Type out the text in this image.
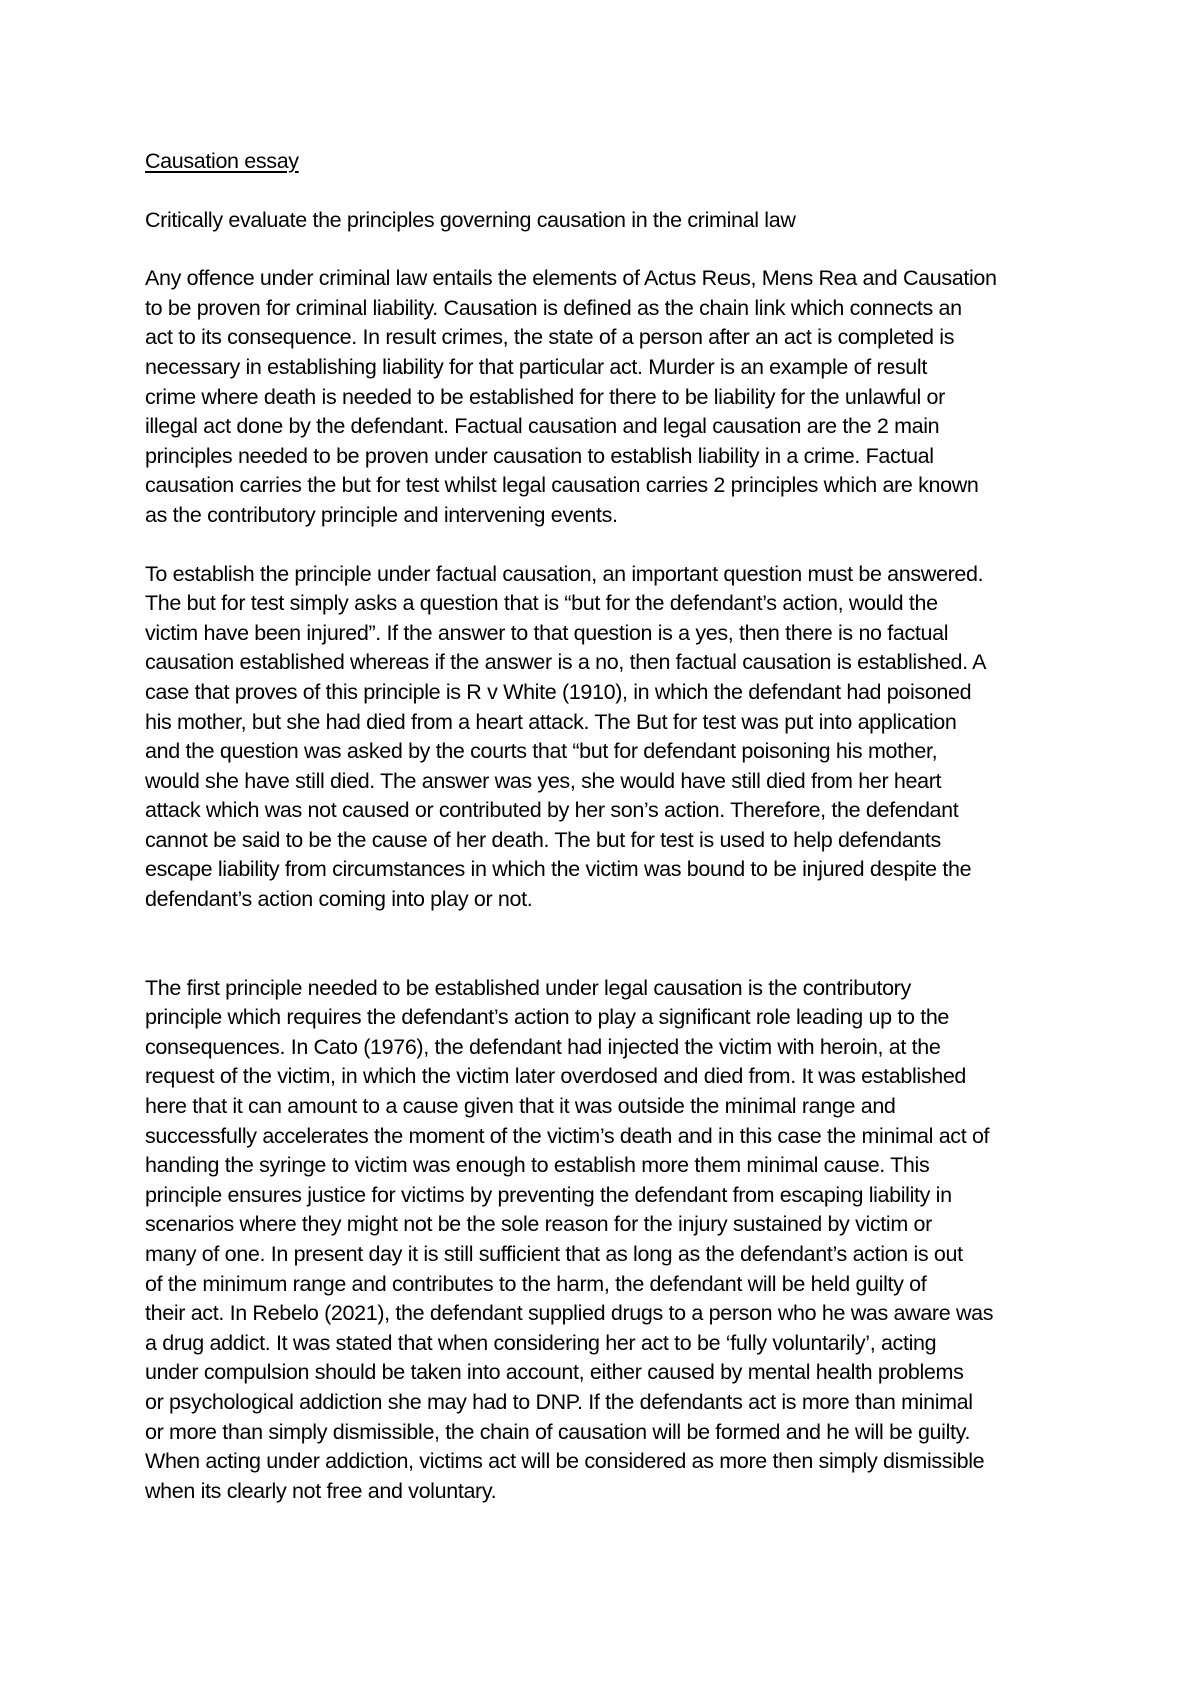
Causation essay
Critically evaluate the principles governing causation in the criminal law
Any offence under criminal law entails the elements of Actus Reus, Mens Rea and Causation
to be proven for criminal liability. Causation is defined as the chain link which connects an
act to its consequence. In result crimes, the state of a person after an act is completed is
necessary in establishing liability for that particular act. Murder is an example of result
crime where death is needed to be established for there to be liability for the unlawful or
illegal act done by the defendant. Factual causation and legal causation are the 2 main
principles needed to be proven under causation to establish liability in a crime. Factual
causation carries the but for test whilst legal causation carries 2 principles which are known
as the contributory principle and intervening events.
To establish the principle under factual causation, an important question must be answered.
The but for test simply asks a question that is “but for the defendant’s action, would the
victim have been injured”. If the answer to that question is a yes, then there is no factual
causation established whereas if the answer is a no, then factual causation is established. A
case that proves of this principle is R v White (1910), in which the defendant had poisoned
his mother, but she had died from a heart attack. The But for test was put into application
and the question was asked by the courts that “but for defendant poisoning his mother,
would she have still died. The answer was yes, she would have still died from her heart
attack which was not caused or contributed by her son’s action. Therefore, the defendant
cannot be said to be the cause of her death. The but for test is used to help defendants
escape liability from circumstances in which the victim was bound to be injured despite the
defendant’s action coming into play or not.
The first principle needed to be established under legal causation is the contributory
principle which requires the defendant’s action to play a significant role leading up to the
consequences. In Cato (1976), the defendant had injected the victim with heroin, at the
request of the victim, in which the victim later overdosed and died from. It was established
here that it can amount to a cause given that it was outside the minimal range and
successfully accelerates the moment of the victim’s death and in this case the minimal act of
handing the syringe to victim was enough to establish more them minimal cause. This
principle ensures justice for victims by preventing the defendant from escaping liability in
scenarios where they might not be the sole reason for the injury sustained by victim or
many of one. In present day it is still sufficient that as long as the defendant’s action is out
of the minimum range and contributes to the harm, the defendant will be held guilty of
their act. In Rebelo (2021), the defendant supplied drugs to a person who he was aware was
a drug addict. It was stated that when considering her act to be ‘fully voluntarily’, acting
under compulsion should be taken into account, either caused by mental health problems
or psychological addiction she may had to DNP. If the defendants act is more than minimal
or more than simply dismissible, the chain of causation will be formed and he will be guilty.
When acting under addiction, victims act will be considered as more then simply dismissible
when its clearly not free and voluntary.
